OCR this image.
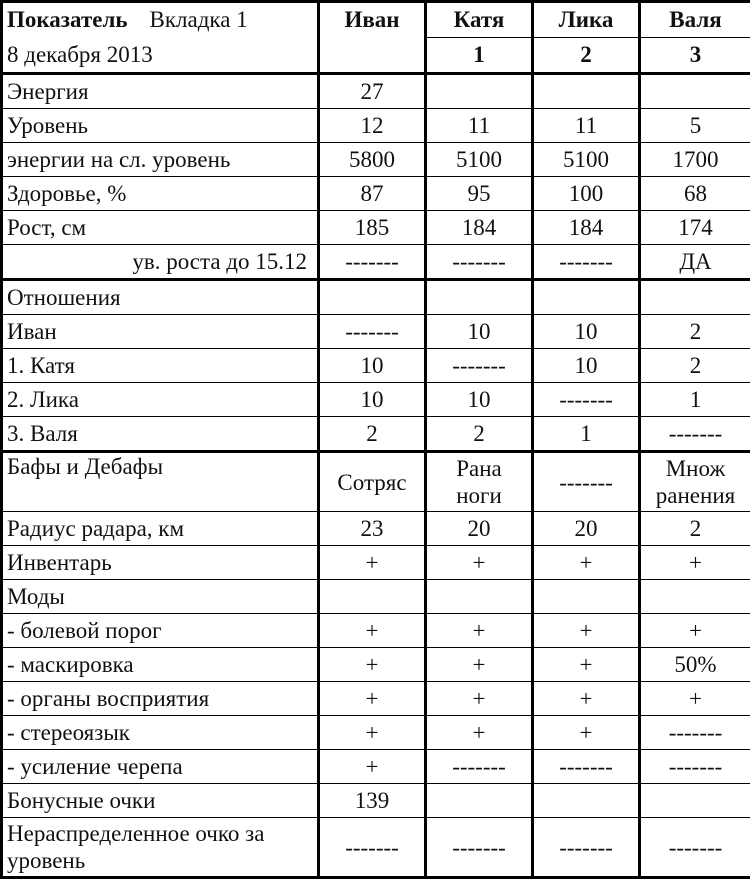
Показатель Вкладка 1	Иван	Катя	Лика	Валя
8 декабря 2013		1	2	3
Энергия	27			
Уровень	12	11	11	5
энергии на сл. уровень	5800	5100	5100	1700
Здоровье, %	87	95	100	68
Рост, см	185	184	184	174
ув. роста до 15.12	-------	-------	-------	ДА
Отношения				
Иван	-------	10	10	2
1. Катя	10	-------	10	2
2. Лика	10	10	-------	1
3. Валя	2	2	1	-------
Бафы и Дебафы	Сотряс	Рана ноги	-------	Множ ранения
Радиус радара, км	23	20	20	2
Инвентарь	+	+	+	+
Моды				
- болевой порог	+	+	+	+
- маскировка	+	+	+	50%
- органы восприятия	+	+	+	+
- стереоязык	+	+	+	-------
- усиление черепа	+	-------	-------	-------
Бонусные очки	139			
Нераспределенное очко за уровень	-------	-------	-------	-------
